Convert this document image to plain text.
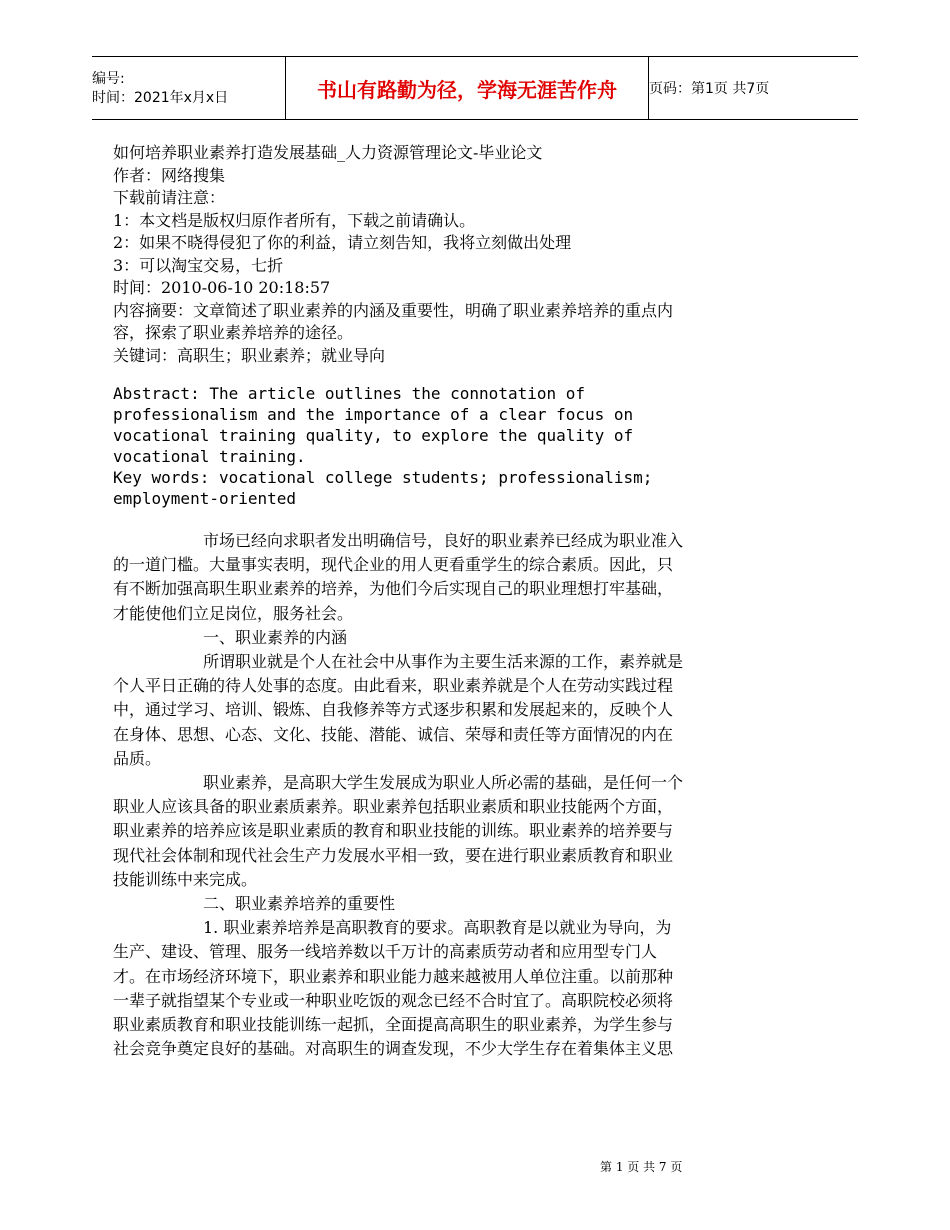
编号:
时间：2021年x月x日	书山有路勤为径，学海无涯苦作舟	页码：第1页 共7页

如何培养职业素养打造发展基础_人力资源管理论文-毕业论文

作者：网络搜集

下载前请注意：

1：本文档是版权归原作者所有，下载之前请确认。

2：如果不晓得侵犯了你的利益，请立刻告知，我将立刻做出处理

3：可以淘宝交易，七折

时间：2010-06-10 20:18:57

内容摘要：文章简述了职业素养的内涵及重要性，明确了职业素养培养的重点内

容，探索了职业素养培养的途径。

关键词：高职生；职业素养；就业导向

Abstract: The article outlines the connotation of
professionalism and the importance of a clear focus on
vocational training quality, to explore the quality of
vocational training.
Key words: vocational college students; professionalism;
employment-oriented

市场已经向求职者发出明确信号，良好的职业素养已经成为职业准入

的一道门槛。大量事实表明，现代企业的用人更看重学生的综合素质。因此，只

有不断加强高职生职业素养的培养，为他们今后实现自己的职业理想打牢基础，

才能使他们立足岗位，服务社会。

一、职业素养的内涵

所谓职业就是个人在社会中从事作为主要生活来源的工作，素养就是

个人平日正确的待人处事的态度。由此看来，职业素养就是个人在劳动实践过程

中，通过学习、培训、锻炼、自我修养等方式逐步积累和发展起来的，反映个人

在身体、思想、心态、文化、技能、潜能、诚信、荣辱和责任等方面情况的内在

品质。

职业素养，是高职大学生发展成为职业人所必需的基础，是任何一个

职业人应该具备的职业素质素养。职业素养包括职业素质和职业技能两个方面，

职业素养的培养应该是职业素质的教育和职业技能的训练。职业素养的培养要与

现代社会体制和现代社会生产力发展水平相一致，要在进行职业素质教育和职业

技能训练中来完成。

二、职业素养培养的重要性

1. 职业素养培养是高职教育的要求。高职教育是以就业为导向，为

生产、建设、管理、服务一线培养数以千万计的高素质劳动者和应用型专门人

才。在市场经济环境下，职业素养和职业能力越来越被用人单位注重。以前那种

一辈子就指望某个专业或一种职业吃饭的观念已经不合时宜了。高职院校必须将

职业素质教育和职业技能训练一起抓，全面提高高职生的职业素养，为学生参与

社会竞争奠定良好的基础。对高职生的调查发现，不少大学生存在着集体主义思

第 1 页 共 7 页
